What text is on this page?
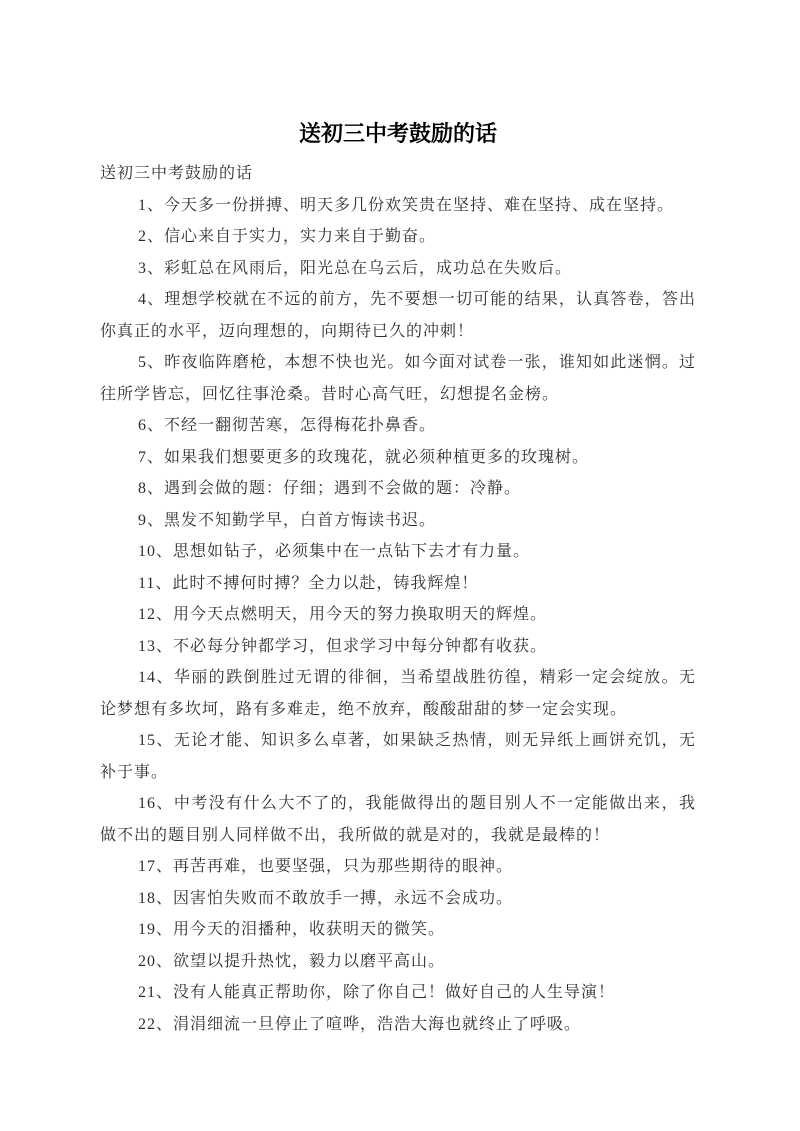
送初三中考鼓励的话

送初三中考鼓励的话

1、今天多一份拼搏、明天多几份欢笑贵在坚持、难在坚持、成在坚持。

2、信心来自于实力，实力来自于勤奋。

3、彩虹总在风雨后，阳光总在乌云后，成功总在失败后。

4、理想学校就在不远的前方，先不要想一切可能的结果，认真答卷，答出你真正的水平，迈向理想的，向期待已久的冲刺！

5、昨夜临阵磨枪，本想不快也光。如今面对试卷一张，谁知如此迷惘。过往所学皆忘，回忆往事沧桑。昔时心高气旺，幻想提名金榜。

6、不经一翻彻苦寒，怎得梅花扑鼻香。

7、如果我们想要更多的玫瑰花，就必须种植更多的玫瑰树。

8、遇到会做的题：仔细；遇到不会做的题：冷静。

9、黑发不知勤学早，白首方悔读书迟。

10、思想如钻子，必须集中在一点钻下去才有力量。

11、此时不搏何时搏？全力以赴，铸我辉煌！

12、用今天点燃明天，用今天的努力换取明天的辉煌。

13、不必每分钟都学习，但求学习中每分钟都有收获。

14、华丽的跌倒胜过无谓的徘徊，当希望战胜彷徨，精彩一定会绽放。无论梦想有多坎坷，路有多难走，绝不放弃，酸酸甜甜的梦一定会实现。

15、无论才能、知识多么卓著，如果缺乏热情，则无异纸上画饼充饥，无补于事。

16、中考没有什么大不了的，我能做得出的题目别人不一定能做出来，我做不出的题目别人同样做不出，我所做的就是对的，我就是最棒的！

17、再苦再难，也要坚强，只为那些期待的眼神。

18、因害怕失败而不敢放手一搏，永远不会成功。

19、用今天的泪播种，收获明天的微笑。

20、欲望以提升热忱，毅力以磨平高山。

21、没有人能真正帮助你，除了你自己！做好自己的人生导演！

22、涓涓细流一旦停止了喧哗，浩浩大海也就终止了呼吸。
